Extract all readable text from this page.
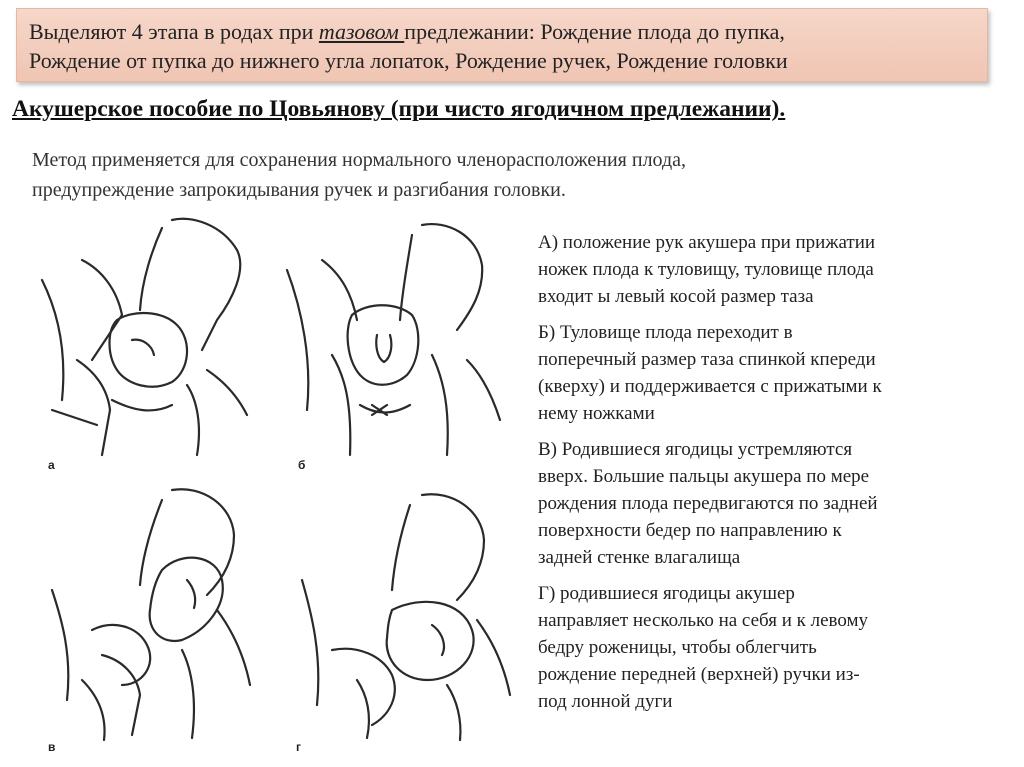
Выделяют 4 этапа в родах при тазовом предлежании: Рождение плода до пупка,
Рождение от пупка до нижнего угла лопаток, Рождение ручек, Рождение головки
Акушерское пособие по Цовьянову (при чисто ягодичном предлежании).
Метод применяется для сохранения нормального членорасположения плода,
предупреждение запрокидывания ручек и разгибания головки.
а	б
в	г
А) положение рук акушера при прижатии
ножек плода к туловищу, туловище плода
входит ы левый косой размер таза
Б) Туловище плода переходит в
поперечный размер таза спинкой кпереди
(кверху) и поддерживается с прижатыми к
нему ножками
В) Родившиеся ягодицы устремляются
вверх. Большие пальцы акушера по мере
рождения плода передвигаются по задней
поверхности бедер по направлению к
задней стенке влагалища
Г) родившиеся ягодицы акушер
направляет несколько на себя и к левому
бедру роженицы, чтобы облегчить
рождение передней (верхней) ручки из-
под лонной дуги
